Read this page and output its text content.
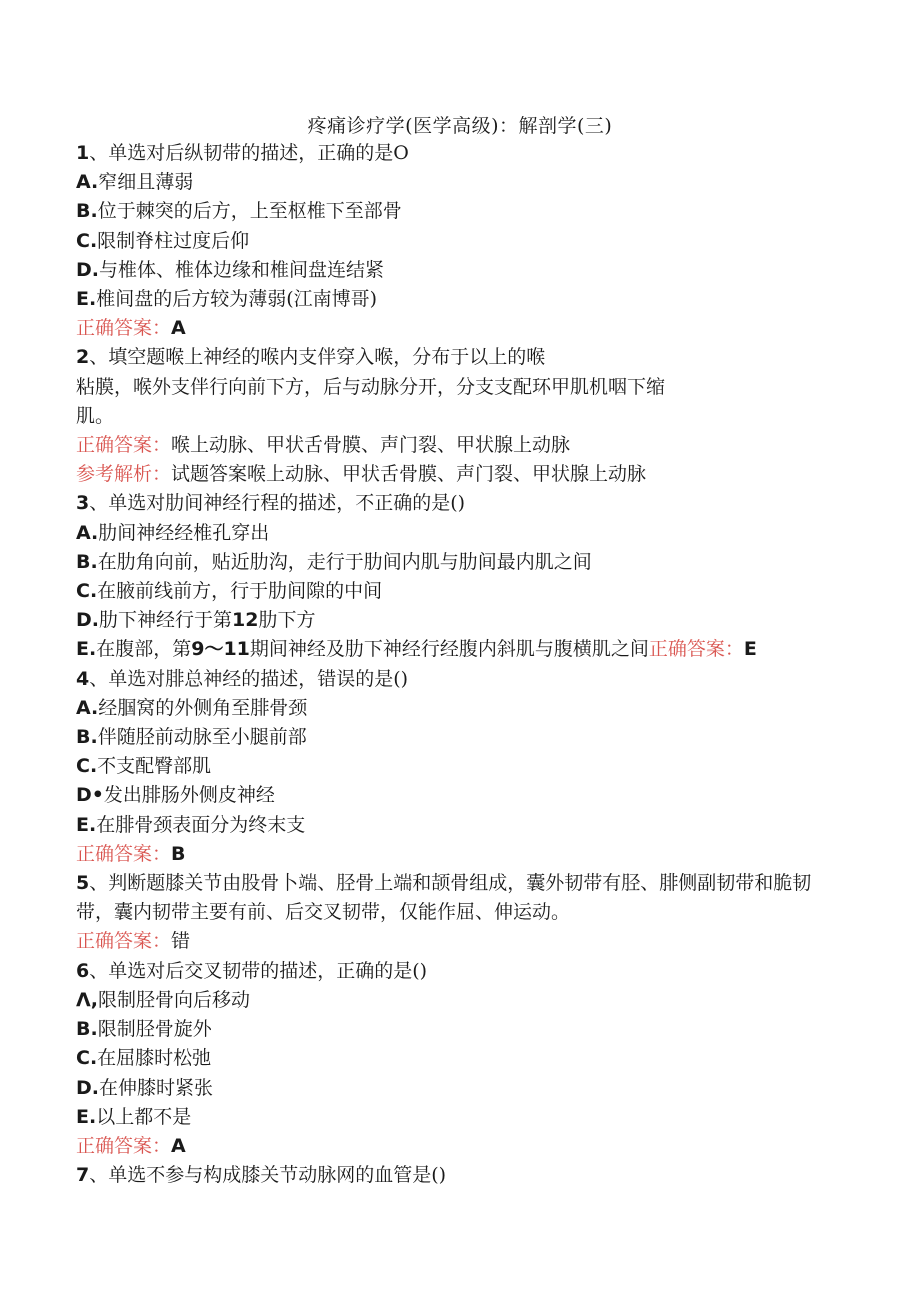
疼痛诊疗学(医学高级)：解剖学(三)
1、单选对后纵韧带的描述，正确的是O
A.窄细且薄弱
B.位于棘突的后方，上至枢椎下至部骨
C.限制脊柱过度后仰
D.与椎体、椎体边缘和椎间盘连结紧
E.椎间盘的后方较为薄弱(江南博哥)
正确答案：A
2、填空题喉上神经的喉内支伴穿入喉，分布于以上的喉
粘膜，喉外支伴行向前下方，后与动脉分开，分支支配环甲肌机咽下缩
肌。
正确答案：喉上动脉、甲状舌骨膜、声门裂、甲状腺上动脉
参考解析：试题答案喉上动脉、甲状舌骨膜、声门裂、甲状腺上动脉
3、单选对肋间神经行程的描述，不正确的是()
A.肋间神经经椎孔穿出
B.在肋角向前，贴近肋沟，走行于肋间内肌与肋间最内肌之间
C.在腋前线前方，行于肋间隙的中间
D.肋下神经行于第12肋下方
E.在腹部，第9〜11期间神经及肋下神经行经腹内斜肌与腹横肌之间正确答案：E
4、单选对腓总神经的描述，错误的是()
A.经腘窝的外侧角至腓骨颈
B.伴随胫前动脉至小腿前部
C.不支配臀部肌
D•发出腓肠外侧皮神经
E.在腓骨颈表面分为终末支
正确答案：B
5、判断题膝关节由股骨卜端、胫骨上端和颉骨组成，囊外韧带有胫、腓侧副韧带和脆韧带，囊内韧带主要有前、后交叉韧带，仅能作屈、伸运动。
正确答案：错
6、单选对后交叉韧带的描述，正确的是()
Λ,限制胫骨向后移动
B.限制胫骨旋外
C.在屈膝时松弛
D.在伸膝时紧张
E.以上都不是
正确答案：A
7、单选不参与构成膝关节动脉网的血管是()
